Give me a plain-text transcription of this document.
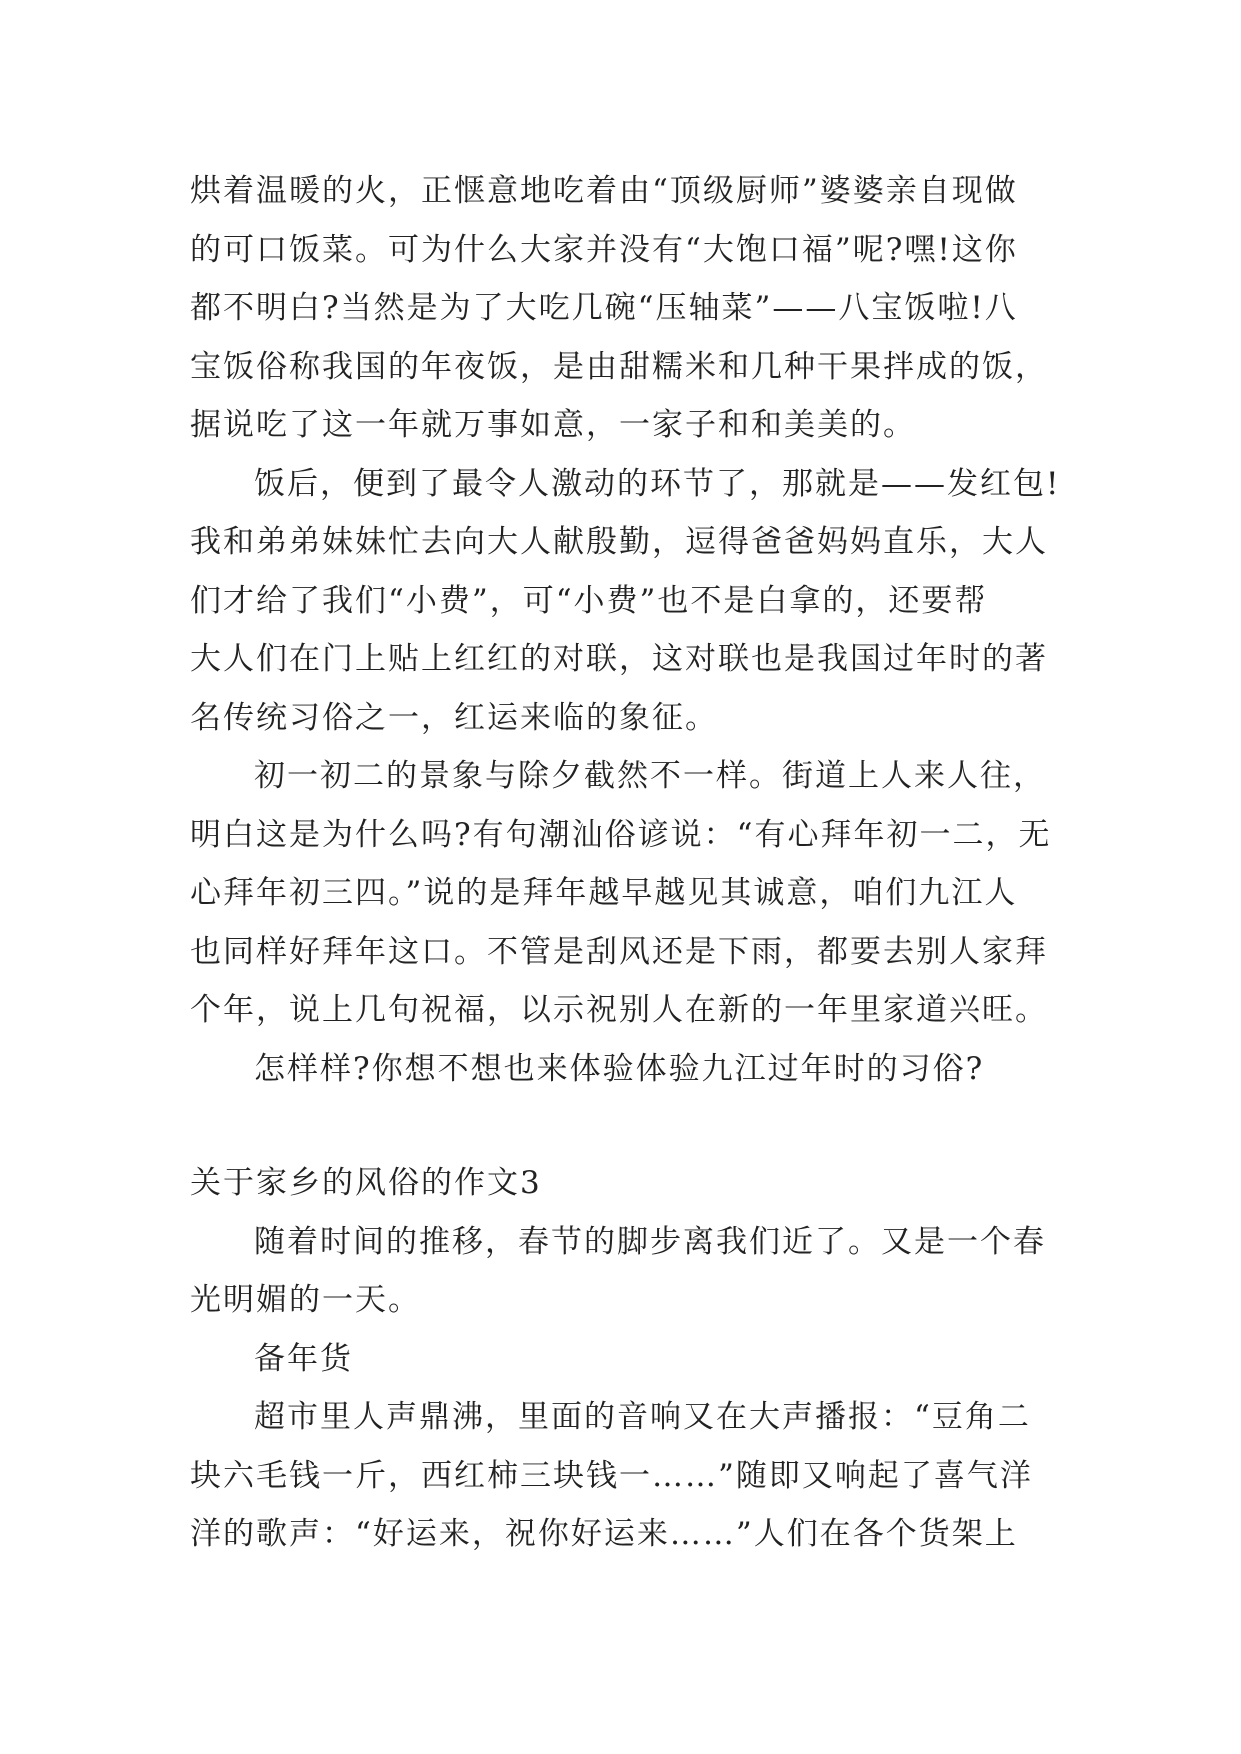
烘着温暖的火，正惬意地吃着由“顶级厨师”婆婆亲自现做
的可口饭菜。可为什么大家并没有“大饱口福”呢?嘿!这你
都不明白?当然是为了大吃几碗“压轴菜”——八宝饭啦!八
宝饭俗称我国的年夜饭，是由甜糯米和几种干果拌成的饭，
据说吃了这一年就万事如意，一家子和和美美的。

饭后，便到了最令人激动的环节了，那就是——发红包!
我和弟弟妹妹忙去向大人献殷勤，逗得爸爸妈妈直乐，大人
们才给了我们“小费”，可“小费”也不是白拿的，还要帮
大人们在门上贴上红红的对联，这对联也是我国过年时的著
名传统习俗之一，红运来临的象征。

初一初二的景象与除夕截然不一样。街道上人来人往，
明白这是为什么吗?有句潮汕俗谚说：“有心拜年初一二，无
心拜年初三四。”说的是拜年越早越见其诚意，咱们九江人
也同样好拜年这口。不管是刮风还是下雨，都要去别人家拜
个年，说上几句祝福，以示祝别人在新的一年里家道兴旺。

怎样样?你想不想也来体验体验九江过年时的习俗?

关于家乡的风俗的作文3

随着时间的推移，春节的脚步离我们近了。又是一个春
光明媚的一天。

备年货

超市里人声鼎沸，里面的音响又在大声播报：“豆角二
块六毛钱一斤，西红柿三块钱一……”随即又响起了喜气洋
洋的歌声：“好运来，祝你好运来……”人们在各个货架上
